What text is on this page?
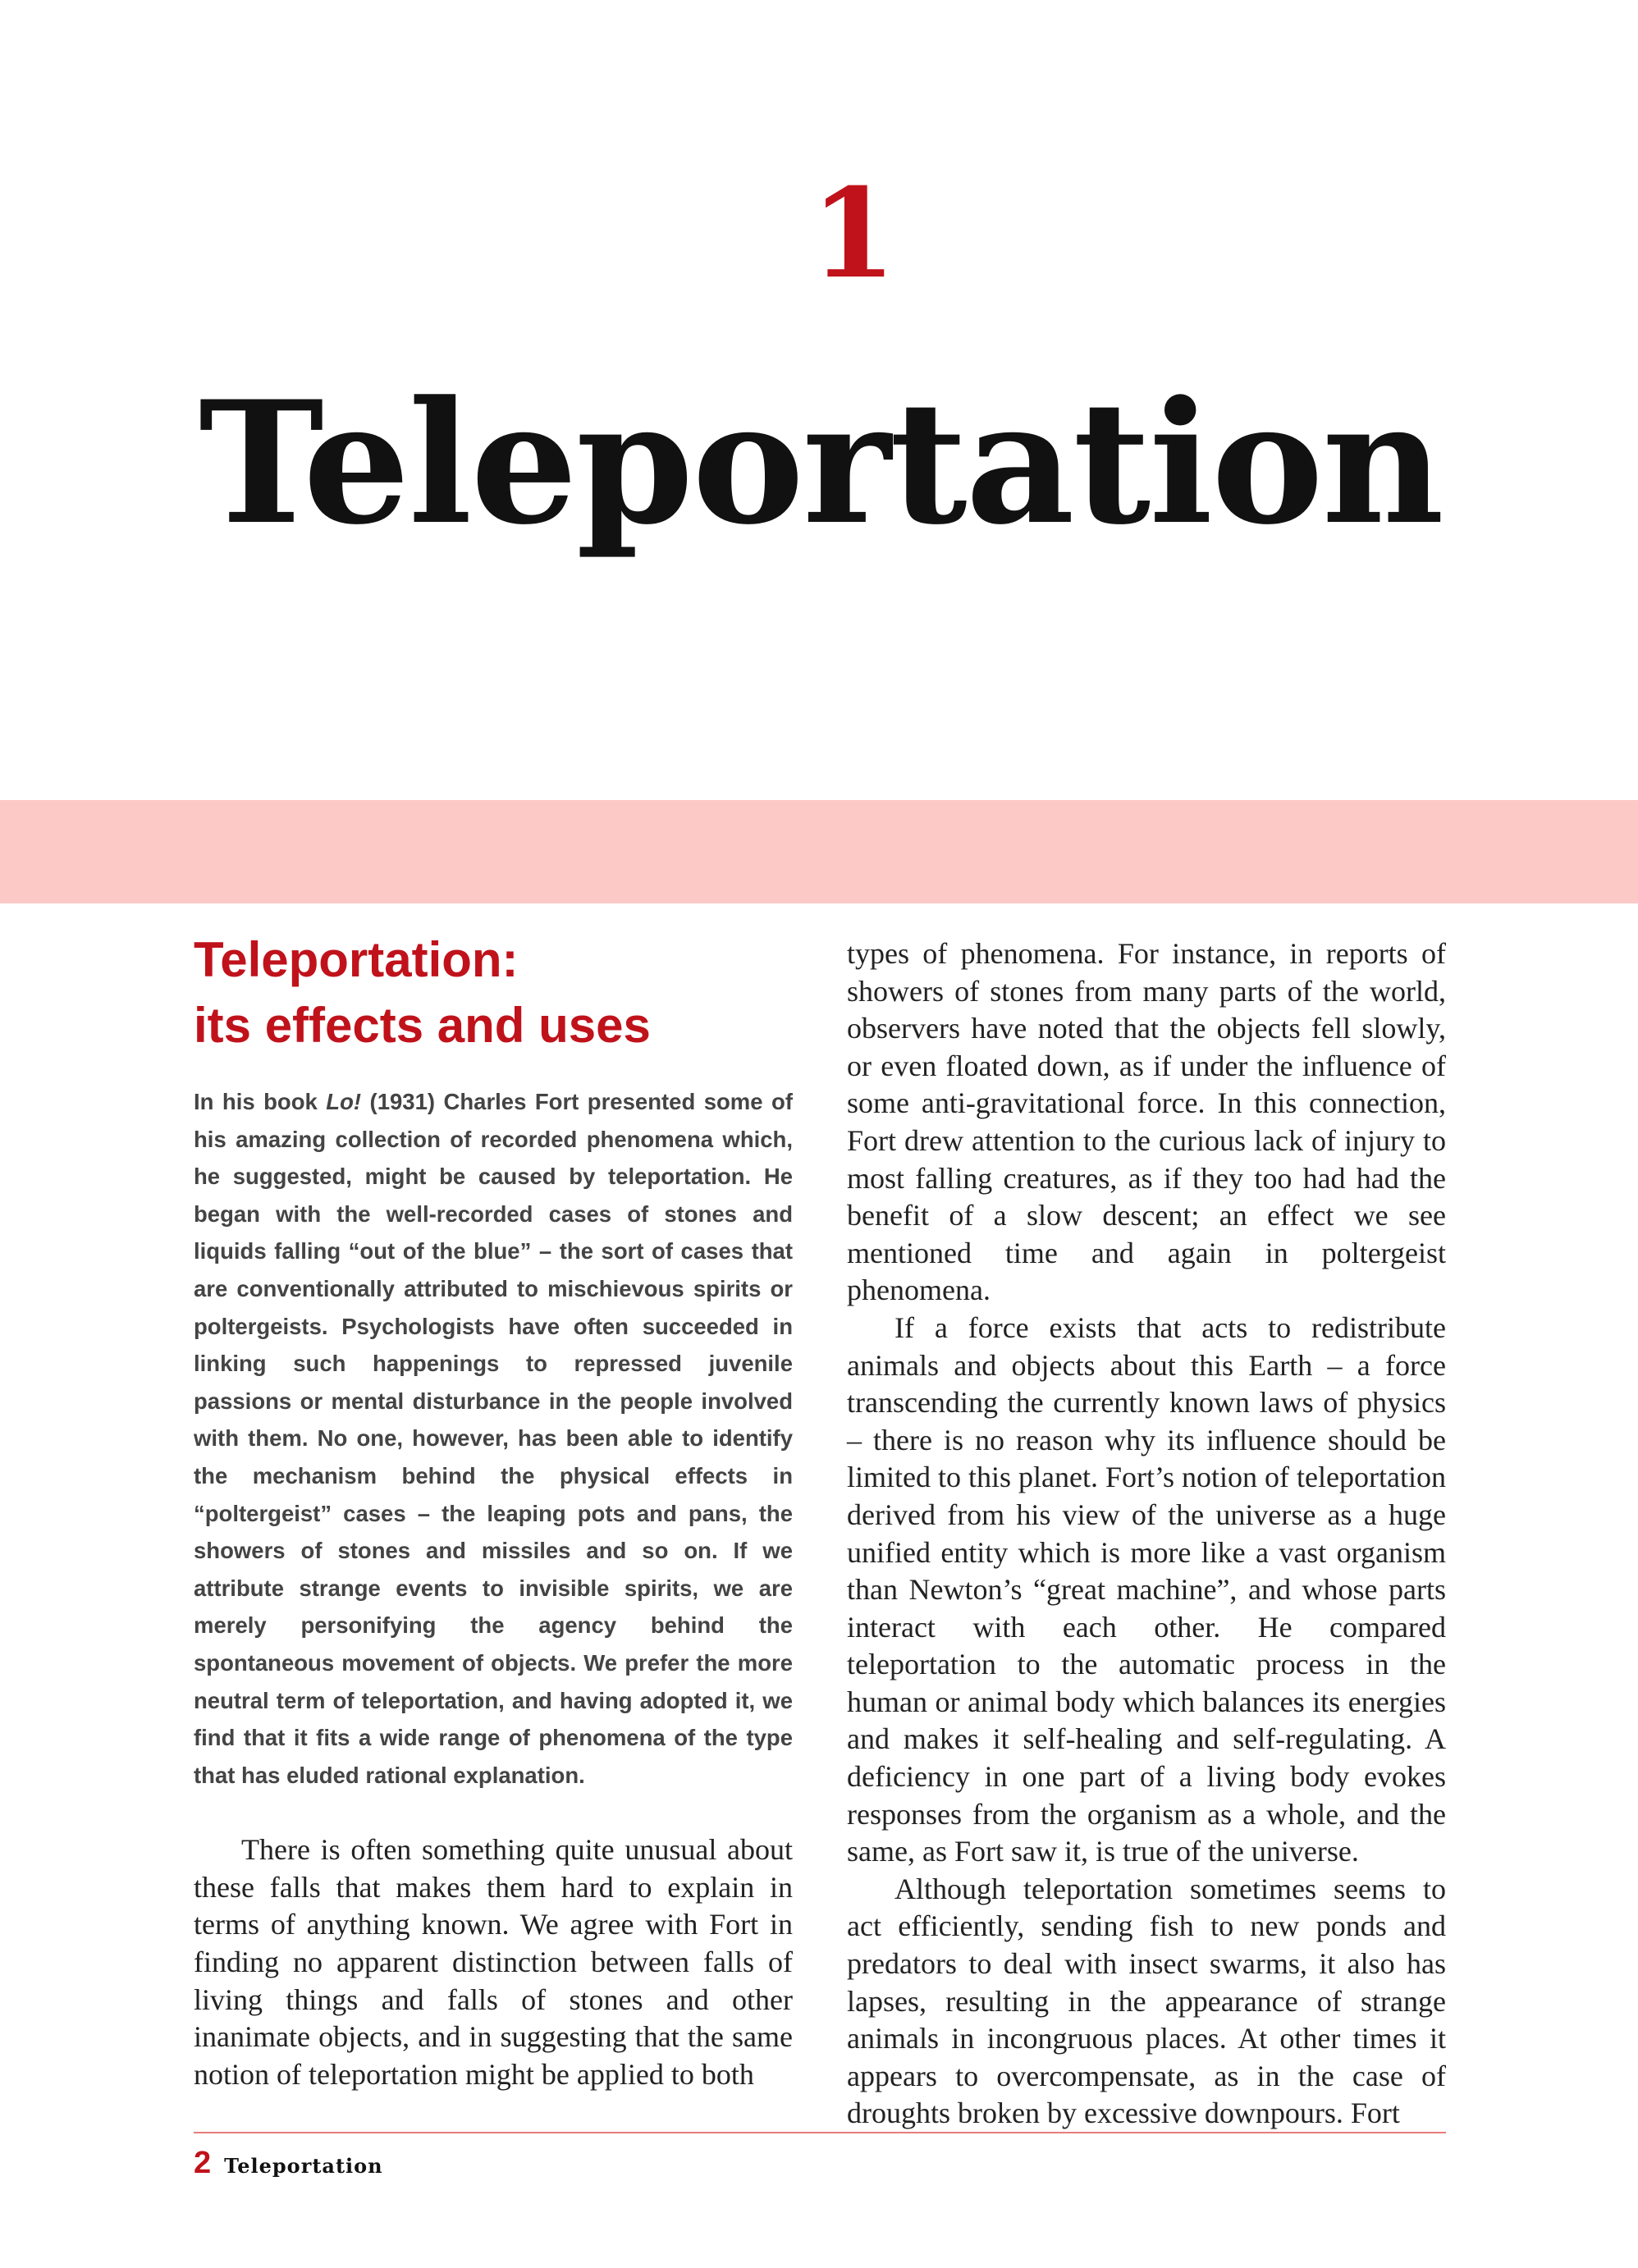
1
Teleportation
Teleportation:
its effects and uses

In his book Lo! (1931) Charles Fort presented some of his amazing collection of recorded phenomena which, he suggested, might be caused by teleportation. He began with the well-recorded cases of stones and liquids falling “out of the blue” – the sort of cases that are conventionally attributed to mischievous spirits or poltergeists. Psychologists have often succeeded in linking such happenings to repressed juvenile passions or mental disturbance in the people involved with them. No one, however, has been able to identify the mechanism behind the physical effects in “poltergeist” cases – the leaping pots and pans, the showers of stones and missiles and so on. If we attribute strange events to invisible spirits, we are merely personifying the agency behind the spontaneous movement of objects. We prefer the more neutral term of teleportation, and having adopted it, we find that it fits a wide range of phenomena of the type that has eluded rational explanation.

There is often something quite unusual about these falls that makes them hard to explain in terms of anything known. We agree with Fort in finding no apparent distinction between falls of living things and falls of stones and other inanimate objects, and in suggesting that the same notion of teleportation might be applied to both

types of phenomena. For instance, in reports of showers of stones from many parts of the world, observers have noted that the objects fell slowly, or even floated down, as if under the influence of some anti-gravitational force. In this connection, Fort drew attention to the curious lack of injury to most falling creatures, as if they too had had the benefit of a slow descent; an effect we see mentioned time and again in poltergeist phenomena.

If a force exists that acts to redistribute animals and objects about this Earth – a force transcending the currently known laws of physics – there is no reason why its influence should be limited to this planet. Fort’s notion of teleportation derived from his view of the universe as a huge unified entity which is more like a vast organism than Newton’s “great machine”, and whose parts interact with each other. He compared teleportation to the automatic process in the human or animal body which balances its energies and makes it self-healing and self-regulating. A deficiency in one part of a living body evokes responses from the organism as a whole, and the same, as Fort saw it, is true of the universe.

Although teleportation sometimes seems to act efficiently, sending fish to new ponds and predators to deal with insect swarms, it also has lapses, resulting in the appearance of strange animals in incongruous places. At other times it appears to overcompensate, as in the case of droughts broken by excessive downpours. Fort

2 Teleportation
